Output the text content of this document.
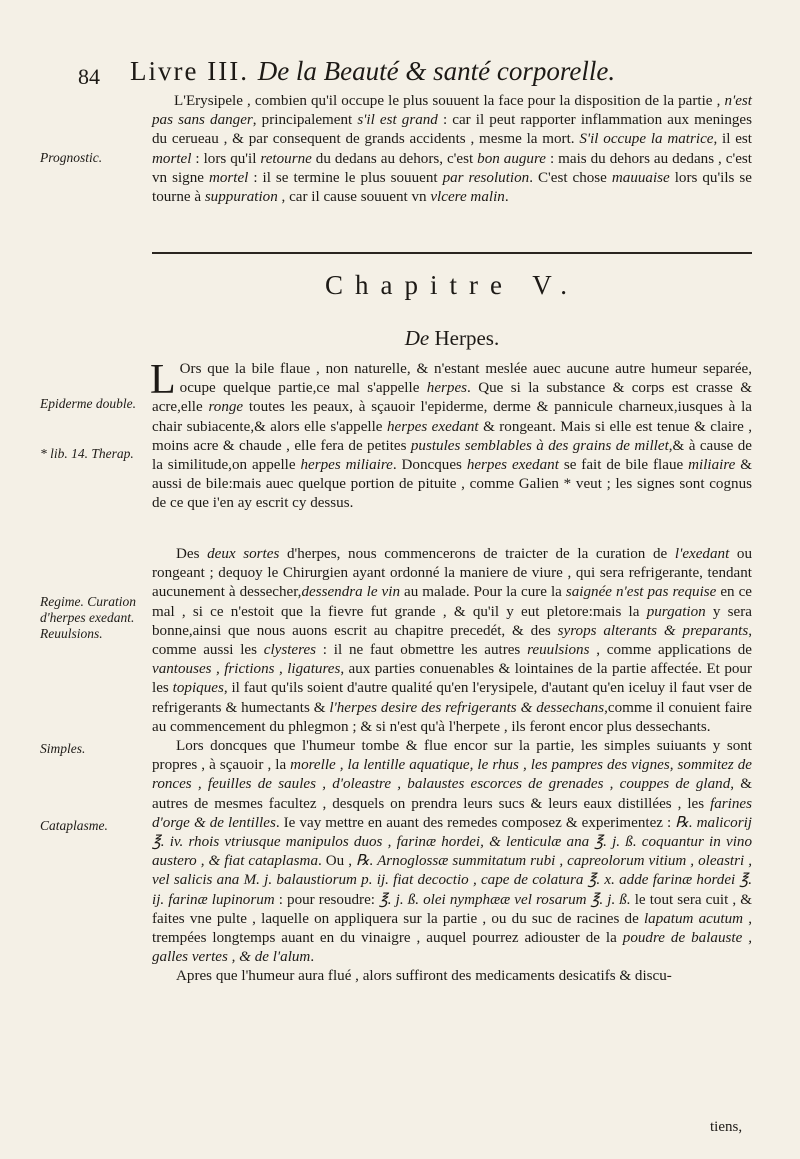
84 Livre III. De la Beauté & santé corporelle.
Prognostic.
Epiderme double.
* lib. 14. Therap.
Regime. Curation d'herpes exedant. Reuulsions.
Simples.
Cataplasme.
L'Erysipele , combien qu'il occupe le plus souuent la face pour la disposition de la partie , n'est pas sans danger, principalement s'il est grand : car il peut rapporter inflammation aux meninges du cerueau , & par consequent de grands accidents , mesme la mort. S'il occupe la matrice, il est mortel : lors qu'il retourne du dedans au dehors, c'est bon augure : mais du dehors au dedans , c'est vn signe mortel : il se termine le plus souuent par resolution. C'est chose mauuaise lors qu'ils se tourne à suppuration , car il cause souuent vn vlcere malin.
Chapitre V.
De Herpes.
L Ors que la bile flaue , non naturelle, & n'estant meslée auec aucune autre humeur separée, ocupe quelque partie,ce mal s'appelle herpes. Que si la substance & corps est crasse & acre,elle ronge toutes les peaux, à sçauoir l'epiderme, derme & pannicule charneux,iusques à la chair subiacente,& alors elle s'appelle herpes exedant & rongeant. Mais si elle est tenue & claire , moins acre & chaude , elle fera de petites pustules semblables à des grains de millet,& à cause de la similitude,on appelle herpes miliaire. Doncques herpes exedant se fait de bile flaue miliaire & aussi de bile:mais auec quelque portion de pituite , comme Galien * veut ; les signes sont cognus de ce que i'en ay escrit cy dessus.
Des deux sortes d'herpes, nous commencerons de traicter de la curation de l'exedant ou rongeant ; dequoy le Chirurgien ayant ordonné la maniere de viure , qui sera refrigerante, tendant aucunement à dessecher,dessendra le vin au malade. Pour la cure la saignée n'est pas requise en ce mal , si ce n'estoit que la fievre fut grande , & qu'il y eut pletore:mais la purgation y sera bonne,ainsi que nous auons escrit au chapitre precedét, & des syrops alterants & preparants, comme aussi les clysteres : il ne faut obmettre les autres reuulsions , comme applications de vantouses , frictions , ligatures, aux parties conuenables & lointaines de la partie affectée. Et pour les topiques, il faut qu'ils soient d'autre qualité qu'en l'erysipele, d'autant qu'en iceluy il faut vser de refrigerants & humectants & l'herpes desire des refrigerants & dessechans,comme il conuient faire au commencement du phlegmon ; & si n'est qu'à l'herpete , ils feront encor plus dessechants.
Lors doncques que l'humeur tombe & flue encor sur la partie, les simples suiuants y sont propres , à sçauoir , la morelle , la lentille aquatique, le rhus , les pampres des vignes, sommitez de ronces , feuilles de saules , d'oleastre , balaustes escorces de grenades , couppes de gland, & autres de mesmes facultez , desquels on prendra leurs sucs & leurs eaux distillées , les farines d'orge & de lentilles. Ie vay mettre en auant des remedes composez & experimentez : ℞. malicorij ℥. iv. rhois vtriusque manipulos duos , farinæ hordei, & lenticulæ ana ℥. j. ß. coquantur in vino austero , & fiat cataplasma. Ou , ℞. Arnoglossæ summitatum rubi , capreolorum vitium , oleastri , vel salicis ana M. j. balaustiorum p. ij. fiat decoctio , cape de colatura ℥. x. adde farinæ hordei ℥. ij. farinæ lupinorum : pour resoudre: ℥. j. ß. olei nymphææ vel rosarum ℥. j. ß. le tout sera cuit , & faites vne pulte , laquelle on appliquera sur la partie , ou du suc de racines de lapatum acutum , trempées longtemps auant en du vinaigre , auquel pourrez adiouster de la poudre de balauste , galles vertes , & de l'alum.
Apres que l'humeur aura flué , alors suffiront des medicaments desicatifs & discu-
tiens,
